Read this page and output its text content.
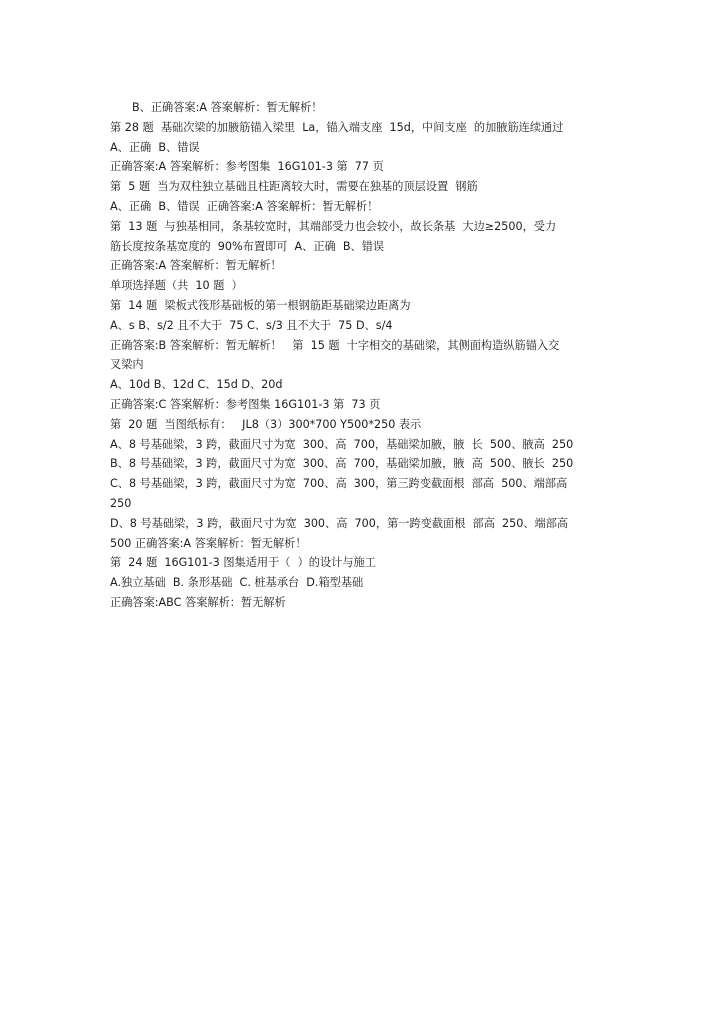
B、正确答案:A 答案解析：暂无解析！
第 28 题  基础次梁的加腋筋锚入梁里  La，锚入端支座  15d，中间支座  的加腋筋连续通过
A、正确  B、错误
正确答案:A 答案解析：参考图集  16G101-3 第  77 页
第  5 题  当为双柱独立基础且柱距离较大时，需要在独基的顶层设置  钢筋
A、正确  B、错误  正确答案:A 答案解析：暂无解析！
第  13 题  与独基相同，条基较宽时，其端部受力也会较小，故长条基  大边≥2500，受力
筋长度按条基宽度的  90%布置即可  A、正确  B、错误
正确答案:A 答案解析：暂无解析！
单项选择题（共  10 题  ）
第  14 题  梁板式筏形基础板的第一根钢筋距基础梁边距离为
A、s B、s/2 且不大于  75 C、s/3 且不大于  75 D、s/4
正确答案:B 答案解析：暂无解析！   第  15 题  十字相交的基础梁，其侧面构造纵筋锚入交
叉梁内
A、10d B、12d C、15d D、20d
正确答案:C 答案解析：参考图集 16G101-3 第  73 页
第  20 题  当图纸标有：   JL8（3）300*700 Y500*250 表示
A、8 号基础梁，3 跨，截面尺寸为宽  300、高  700，基础梁加腋，腋  长  500、腋高  250
B、8 号基础梁，3 跨，截面尺寸为宽  300、高  700，基础梁加腋，腋  高  500、腋长  250
C、8 号基础梁，3 跨，截面尺寸为宽  700、高  300，第三跨变截面根  部高  500、端部高
250
D、8 号基础梁，3 跨，截面尺寸为宽  300、高  700，第一跨变截面根  部高  250、端部高
500 正确答案:A 答案解析：暂无解析！
第  24 题  16G101-3 图集适用于（  ）的设计与施工
A.独立基础  B. 条形基础  C. 桩基承台  D.箱型基础
正确答案:ABC 答案解析：暂无解析
